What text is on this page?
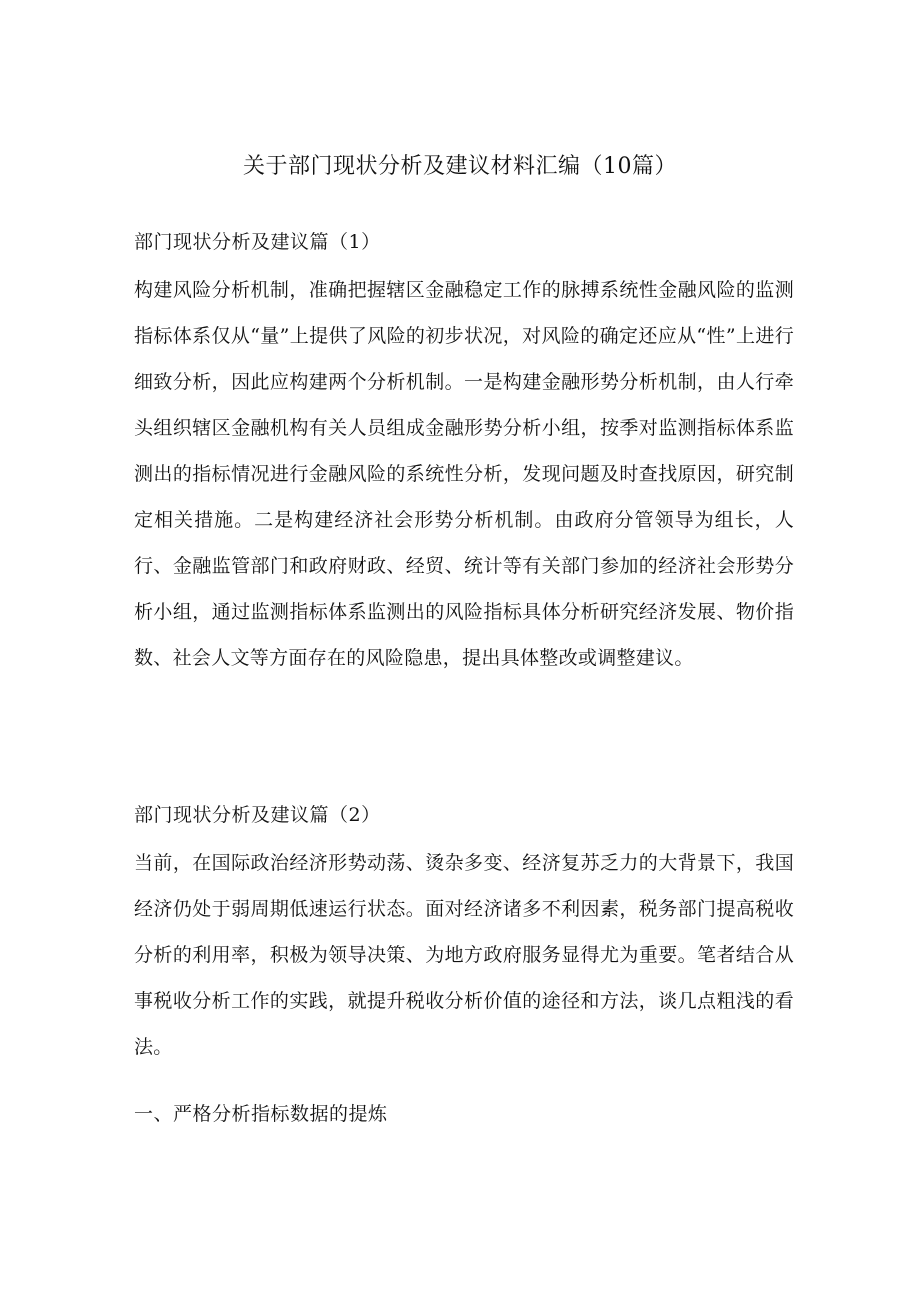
关于部门现状分析及建议材料汇编（10篇）

部门现状分析及建议篇（1）

构建风险分析机制，准确把握辖区金融稳定工作的脉搏系统性金融风险的监测指标体系仅从“量”上提供了风险的初步状况，对风险的确定还应从“性”上进行细致分析，因此应构建两个分析机制。一是构建金融形势分析机制，由人行牵头组织辖区金融机构有关人员组成金融形势分析小组，按季对监测指标体系监测出的指标情况进行金融风险的系统性分析，发现问题及时查找原因，研究制定相关措施。二是构建经济社会形势分析机制。由政府分管领导为组长，人行、金融监管部门和政府财政、经贸、统计等有关部门参加的经济社会形势分析小组，通过监测指标体系监测出的风险指标具体分析研究经济发展、物价指数、社会人文等方面存在的风险隐患，提出具体整改或调整建议。

部门现状分析及建议篇（2）

当前，在国际政治经济形势动荡、烫杂多变、经济复苏乏力的大背景下，我国经济仍处于弱周期低速运行状态。面对经济诸多不利因素，税务部门提高税收分析的利用率，积极为领导决策、为地方政府服务显得尤为重要。笔者结合从事税收分析工作的实践，就提升税收分析价值的途径和方法，谈几点粗浅的看法。

一、严格分析指标数据的提炼
